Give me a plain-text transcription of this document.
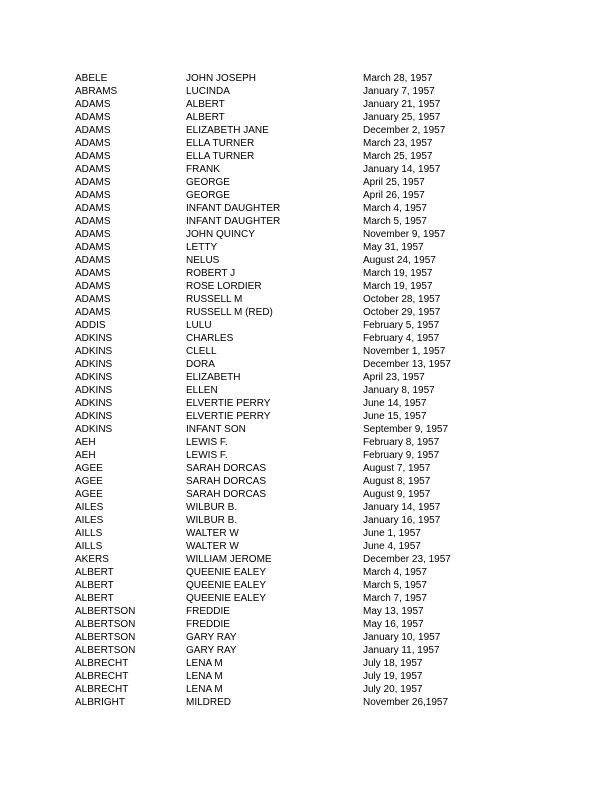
ABELE	JOHN JOSEPH	March 28, 1957
ABRAMS	LUCINDA	January 7, 1957
ADAMS	ALBERT	January 21, 1957
ADAMS	ALBERT	January 25, 1957
ADAMS	ELIZABETH JANE	December 2, 1957
ADAMS	ELLA TURNER	March 23, 1957
ADAMS	ELLA TURNER	March 25, 1957
ADAMS	FRANK	January 14, 1957
ADAMS	GEORGE	April 25, 1957
ADAMS	GEORGE	April 26, 1957
ADAMS	INFANT DAUGHTER	March 4, 1957
ADAMS	INFANT DAUGHTER	March 5, 1957
ADAMS	JOHN QUINCY	November 9, 1957
ADAMS	LETTY	May 31, 1957
ADAMS	NELUS	August 24, 1957
ADAMS	ROBERT J	March 19, 1957
ADAMS	ROSE LORDIER	March 19, 1957
ADAMS	RUSSELL M	October 28, 1957
ADAMS	RUSSELL M (RED)	October 29, 1957
ADDIS	LULU	February 5, 1957
ADKINS	CHARLES	February 4, 1957
ADKINS	CLELL	November 1, 1957
ADKINS	DORA	December 13, 1957
ADKINS	ELIZABETH	April 23, 1957
ADKINS	ELLEN	January 8, 1957
ADKINS	ELVERTIE PERRY	June 14, 1957
ADKINS	ELVERTIE PERRY	June 15, 1957
ADKINS	INFANT SON	September 9, 1957
AEH	LEWIS F.	February 8, 1957
AEH	LEWIS F.	February 9, 1957
AGEE	SARAH DORCAS	August 7, 1957
AGEE	SARAH DORCAS	August 8, 1957
AGEE	SARAH DORCAS	August 9, 1957
AILES	WILBUR B.	January 14, 1957
AILES	WILBUR B.	January 16, 1957
AILLS	WALTER W	June 1, 1957
AILLS	WALTER W	June 4, 1957
AKERS	WILLIAM JEROME	December 23, 1957
ALBERT	QUEENIE EALEY	March 4, 1957
ALBERT	QUEENIE EALEY	March 5, 1957
ALBERT	QUEENIE EALEY	March 7, 1957
ALBERTSON	FREDDIE	May 13, 1957
ALBERTSON	FREDDIE	May 16, 1957
ALBERTSON	GARY RAY	January 10, 1957
ALBERTSON	GARY RAY	January 11, 1957
ALBRECHT	LENA M	July 18, 1957
ALBRECHT	LENA M	July 19, 1957
ALBRECHT	LENA M	July 20, 1957
ALBRIGHT	MILDRED	November 26,1957
